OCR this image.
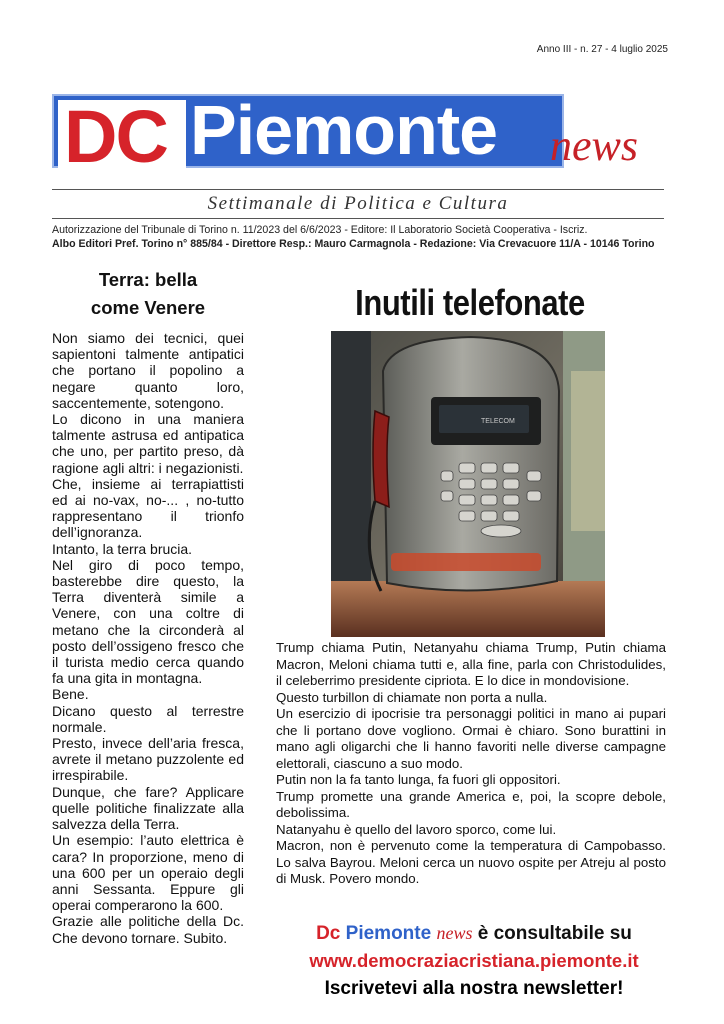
Anno III - n. 27 - 4 luglio 2025
DC Piemonte news
Settimanale di Politica e Cultura
Autorizzazione del Tribunale di Torino n. 11/2023 del 6/6/2023 - Editore: Il Laboratorio Società Cooperativa - Iscriz.
Albo Editori Pref. Torino n° 885/84 - Direttore Resp.: Mauro Carmagnola - Redazione: Via Crevacuore 11/A - 10146 Torino
Terra: bella
come Venere

Non siamo dei tecnici, quei sapientoni talmente antipatici che portano il popolino a negare quanto loro, saccentemente, sotengono.

Lo dicono in una maniera talmente astrusa ed antipatica che uno, per partito preso, dà ragione agli altri: i negazionisti.

Che, insieme ai terrapiattisti ed ai no-vax, no-... , no-tutto rappresentano il trionfo dell’ignoranza.

Intanto, la terra brucia.

Nel giro di poco tempo, basterebbe dire questo, la Terra diventerà simile a Venere, con una coltre di metano che la circonderà al posto dell’ossigeno fresco che il turista medio cerca quando fa una gita in montagna.

Bene.

Dicano questo al terrestre normale.

Presto, invece dell’aria fresca, avrete il metano puzzolente ed irrespirabile.

Dunque, che fare? Applicare quelle politiche finalizzate alla salvezza della Terra.

Un esempio: l’auto elettrica è cara? In proporzione, meno di una 600 per un operaio degli anni Sessanta. Eppure gli operai comperarono la 600.

Grazie alle politiche della Dc. Che devono tornare. Subito.

Inutili telefonate
TELECOM

Trump chiama Putin, Netanyahu chiama Trump, Putin chiama Macron, Meloni chiama tutti e, alla fine, parla con Christodulides, il celeberrimo presidente cipriota. E lo dice in mondovisione.

Questo turbillon di chiamate non porta a nulla.

Un esercizio di ipocrisie tra personaggi politici in mano ai pupari che li portano dove vogliono. Ormai è chiaro. Sono burattini in mano agli oligarchi che li hanno favoriti nelle diverse campagne elettorali, ciascuno a suo modo.

Putin non la fa tanto lunga, fa fuori gli oppositori.

Trump promette una grande America e, poi, la scopre debole, debolissima.

Natanyahu è quello del lavoro sporco, come lui.

Macron, non è pervenuto come la temperatura di Campobasso. Lo salva Bayrou. Meloni cerca un nuovo ospite per Atreju al posto di Musk. Povero mondo.

Dc Piemonte news è consultabile su
www.democraziacristiana.piemonte.it
Iscrivetevi alla nostra newsletter!
